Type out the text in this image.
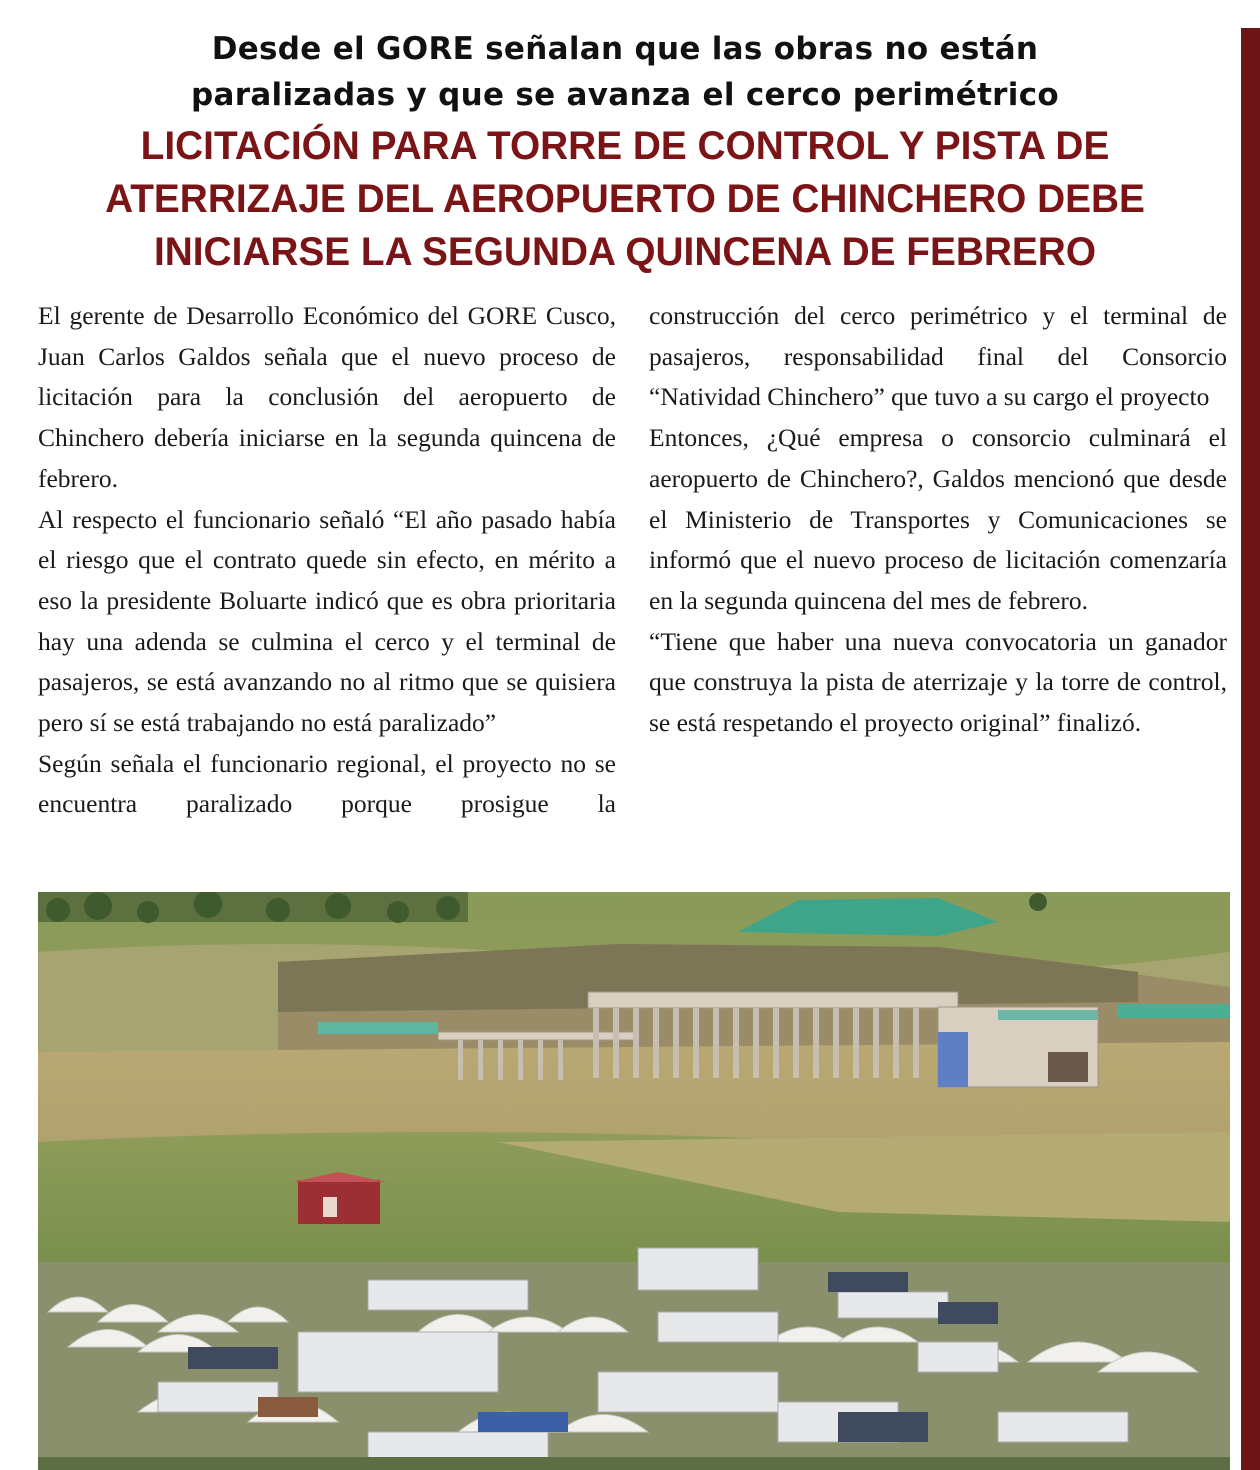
Desde el GORE señalan que las obras no están
paralizadas y que se avanza el cerco perimétrico
LICITACIÓN PARA TORRE DE CONTROL Y PISTA DE
ATERRIZAJE DEL AEROPUERTO DE CHINCHERO DEBE
INICIARSE LA SEGUNDA QUINCENA DE FEBRERO

El gerente de Desarrollo Económico del GORE Cusco, Juan Carlos Galdos señala que el nuevo proceso de licitación para la conclusión del aeropuerto de Chinchero debería iniciarse en la segunda quincena de febrero.

Al respecto el funcionario señaló “El año pasado había el riesgo que el contrato quede sin efecto, en mérito a eso la presidente Boluarte indicó que es obra prioritaria hay una adenda se culmina el cerco y el terminal de pasajeros, se está avanzando no al ritmo que se quisiera pero sí se está trabajando no está paralizado”

Según señala el funcionario regional, el proyecto no se encuentra paralizado porque prosigue la

construcción del cerco perimétrico y el terminal de pasajeros, responsabilidad final del Consorcio “Natividad Chinchero” que tuvo a su cargo el proyecto

Entonces, ¿Qué empresa o consorcio culminará el aeropuerto de Chinchero?, Galdos mencionó que desde el Ministerio de Transportes y Comunicaciones se informó que el nuevo proceso de licitación comenzaría en la segunda quincena del mes de febrero.

“Tiene que haber una nueva convocatoria un ganador que construya la pista de aterrizaje y la torre de control, se está respetando el proyecto original” finalizó.
